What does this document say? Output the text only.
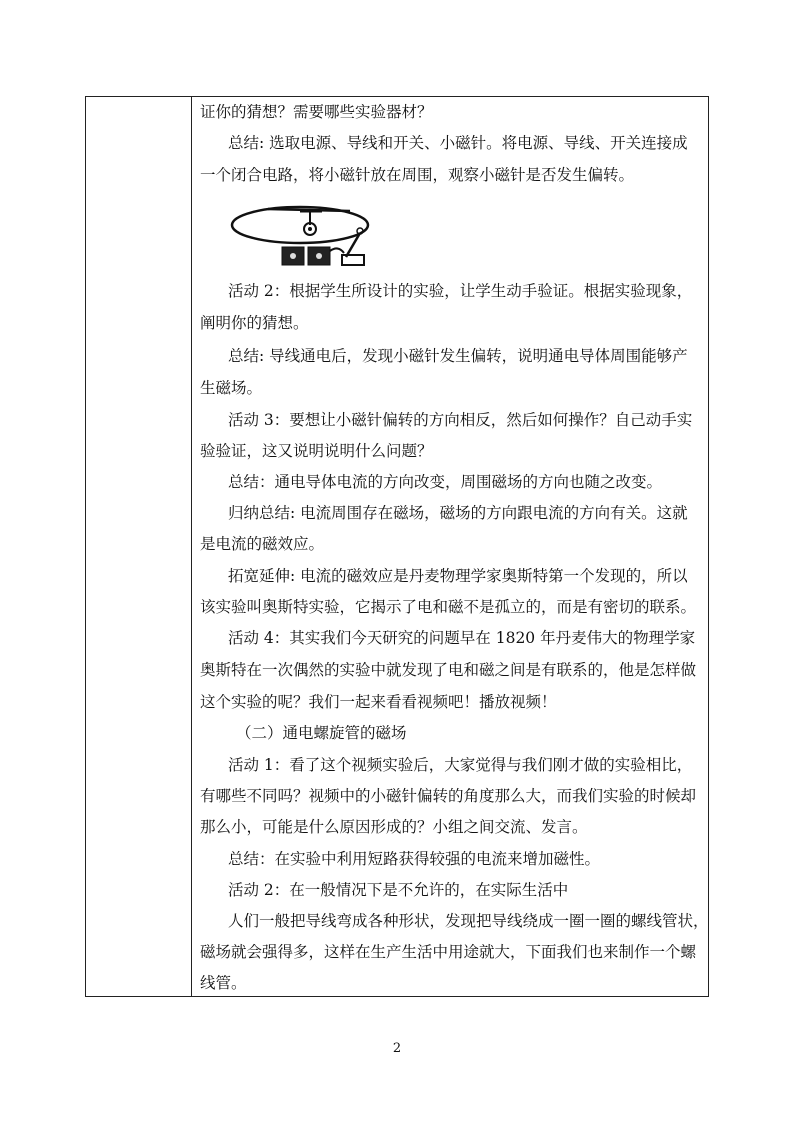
证你的猜想？需要哪些实验器材？
总结: 选取电源、导线和开关、小磁针。将电源、导线、开关连接成
一个闭合电路，将小磁针放在周围，观察小磁针是否发生偏转。
活动 2：根据学生所设计的实验，让学生动手验证。根据实验现象，
阐明你的猜想。
总结: 导线通电后，发现小磁针发生偏转，说明通电导体周围能够产
生磁场。
活动 3：要想让小磁针偏转的方向相反，然后如何操作？自己动手实
验验证，这又说明说明什么问题？
总结：通电导体电流的方向改变，周围磁场的方向也随之改变。
归纳总结: 电流周围存在磁场，磁场的方向跟电流的方向有关。这就
是电流的磁效应。
拓宽延伸: 电流的磁效应是丹麦物理学家奥斯特第一个发现的，所以
该实验叫奥斯特实验，它揭示了电和磁不是孤立的，而是有密切的联系。
活动 4：其实我们今天研究的问题早在 1820 年丹麦伟大的物理学家
奥斯特在一次偶然的实验中就发现了电和磁之间是有联系的，他是怎样做
这个实验的呢？我们一起来看看视频吧！播放视频！
（二）通电螺旋管的磁场
活动 1：看了这个视频实验后，大家觉得与我们刚才做的实验相比，
有哪些不同吗？视频中的小磁针偏转的角度那么大，而我们实验的时候却
那么小，可能是什么原因形成的？小组之间交流、发言。
总结：在实验中利用短路获得较强的电流来增加磁性。
活动 2：在一般情况下是不允许的，在实际生活中
人们一般把导线弯成各种形状，发现把导线绕成一圈一圈的螺线管状，
磁场就会强得多，这样在生产生活中用途就大，下面我们也来制作一个螺
线管。
2
